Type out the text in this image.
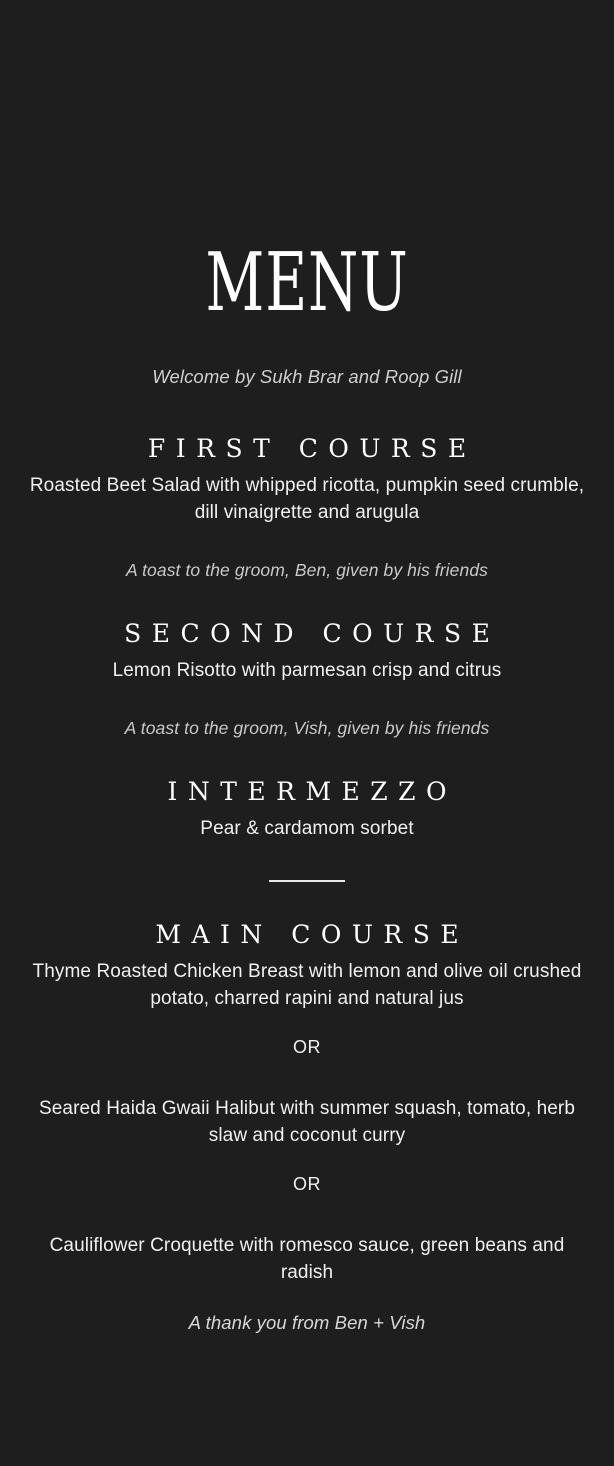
MENU
Welcome by Sukh Brar and Roop Gill
FIRST COURSE
Roasted Beet Salad with whipped ricotta, pumpkin seed crumble, dill vinaigrette and arugula
A toast to the groom, Ben, given by his friends
SECOND COURSE
Lemon Risotto with parmesan crisp and citrus
A toast to the groom, Vish, given by his friends
INTERMEZZO
Pear & cardamom sorbet
MAIN COURSE
Thyme Roasted Chicken Breast with lemon and olive oil crushed potato, charred rapini and natural jus
OR
Seared Haida Gwaii Halibut with summer squash, tomato, herb slaw and coconut curry
OR
Cauliflower Croquette with romesco sauce, green beans and radish
A thank you from Ben + Vish
